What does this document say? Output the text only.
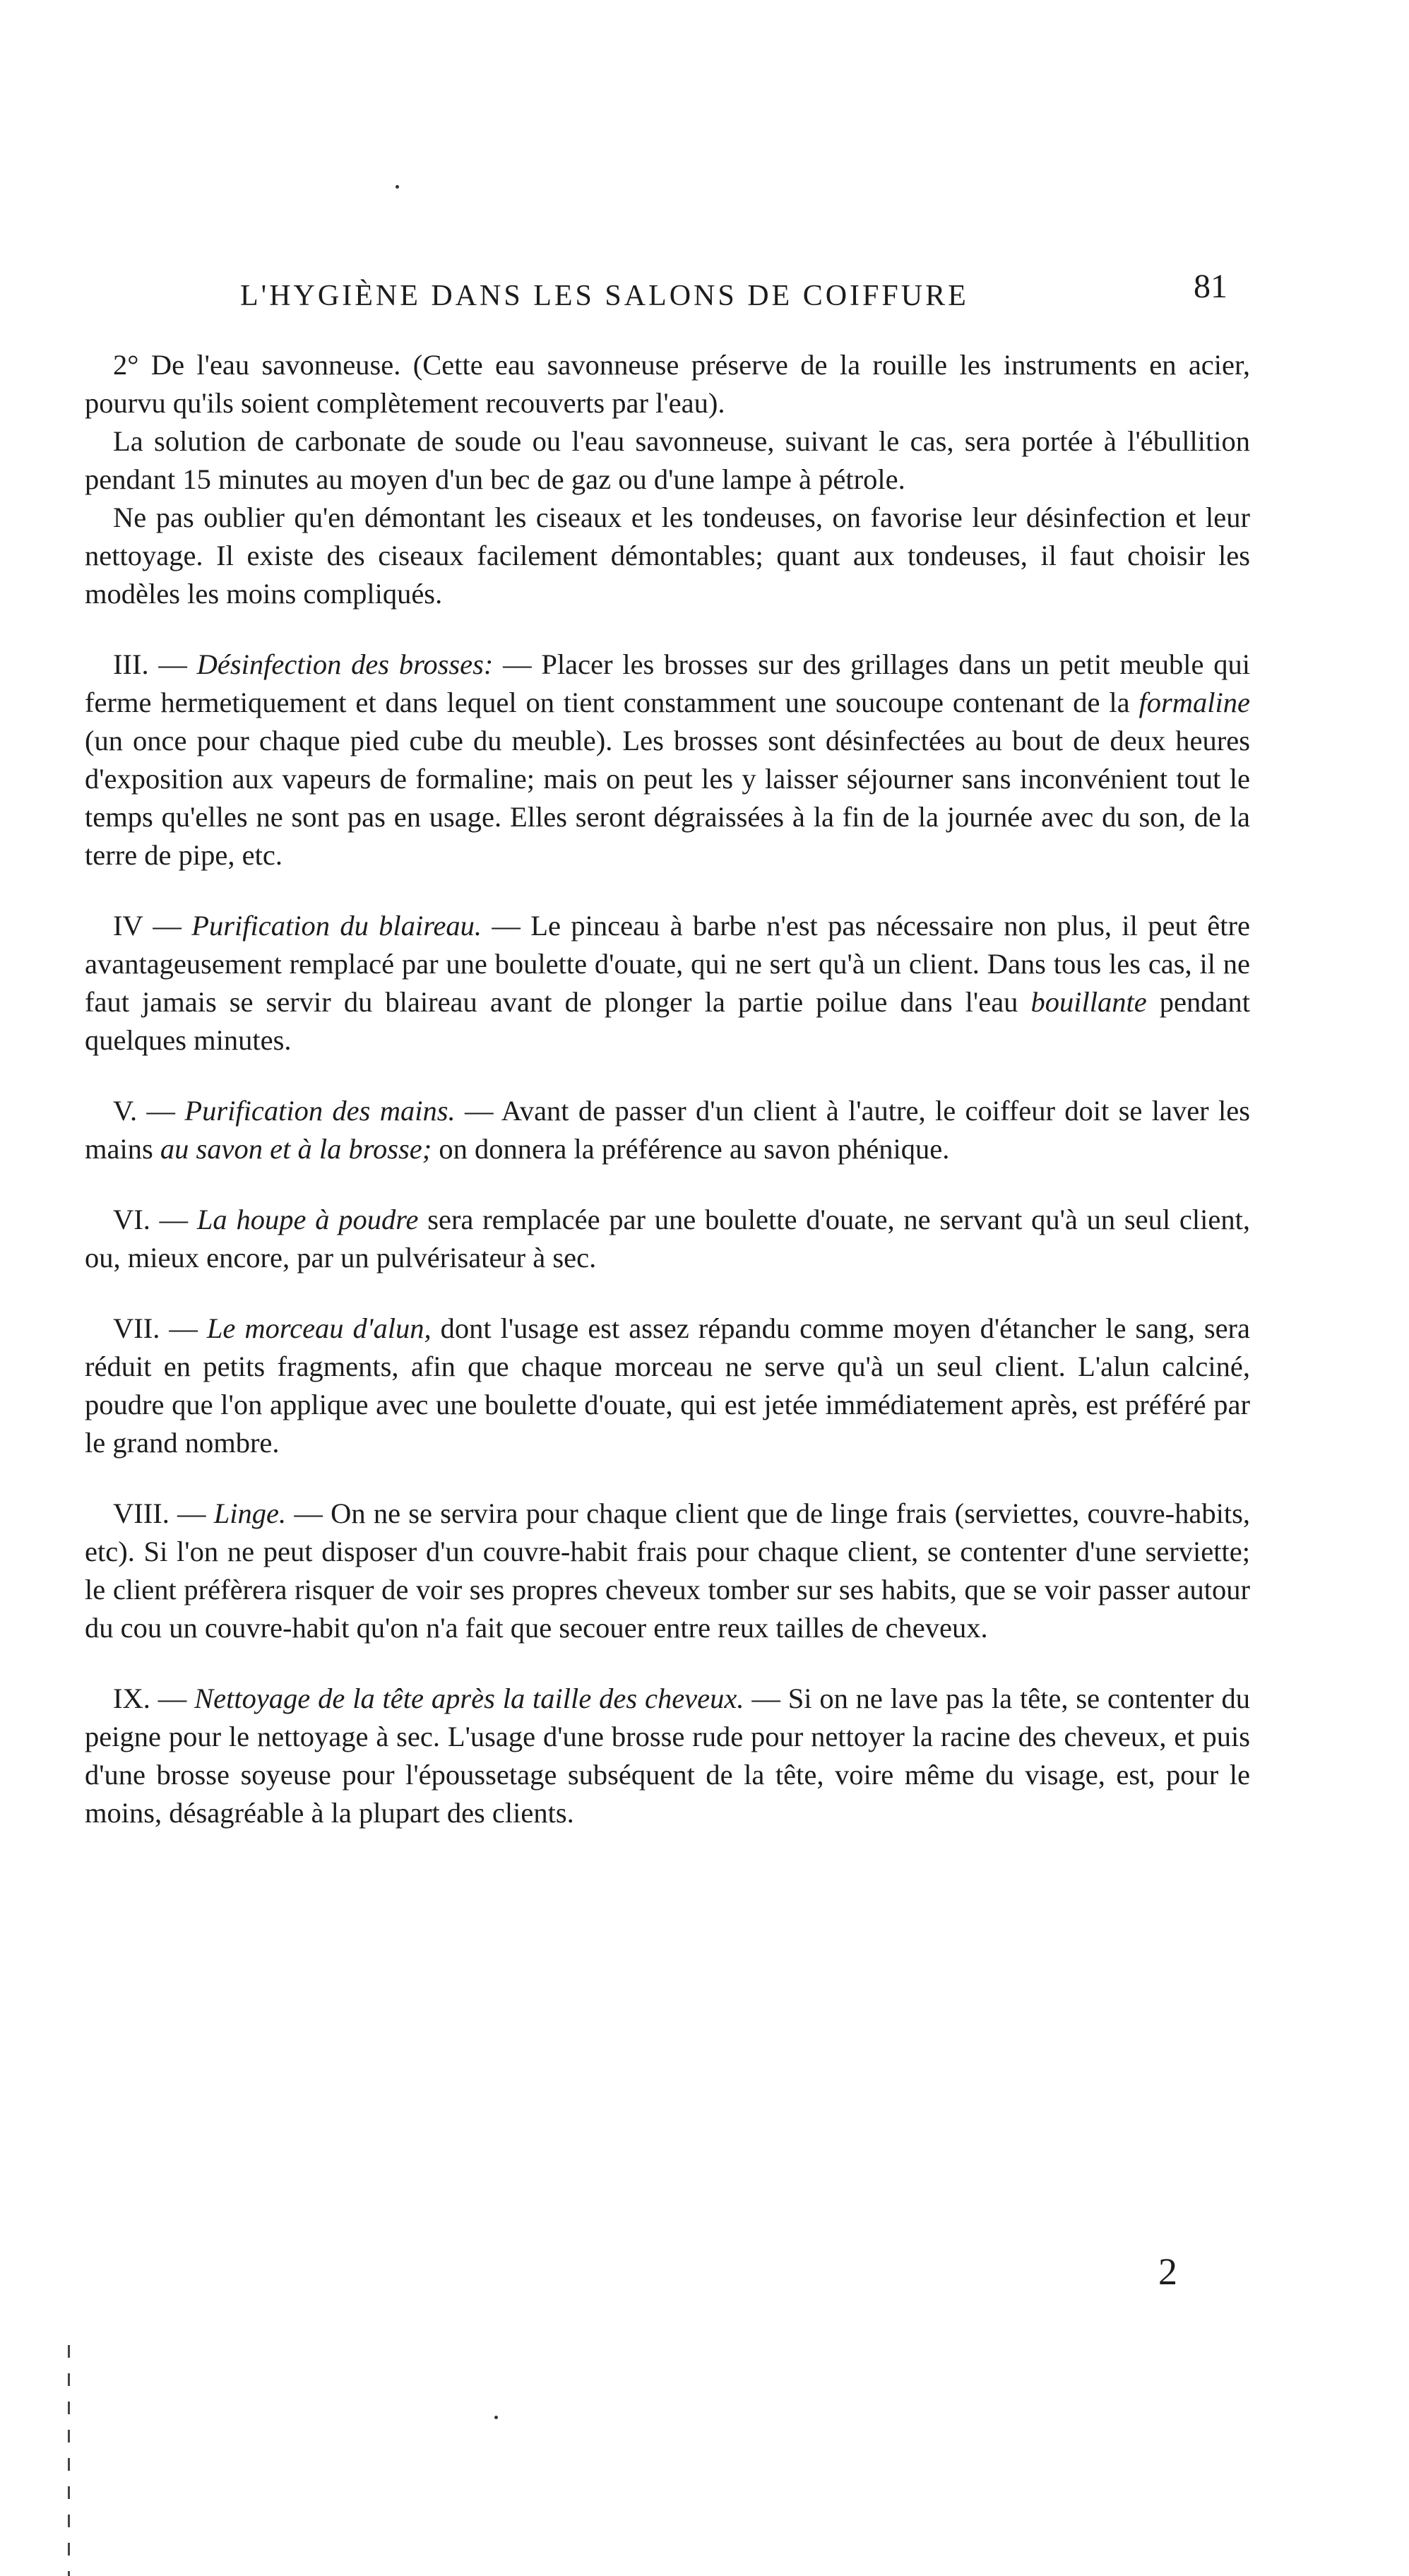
L'HYGIÈNE DANS LES SALONS DE COIFFURE	81

2° De l'eau savonneuse. (Cette eau savonneuse préserve de la rouille les instruments en acier, pourvu qu'ils soient complètement recouverts par l'eau).

La solution de carbonate de soude ou l'eau savonneuse, suivant le cas, sera portée à l'ébullition pendant 15 minutes au moyen d'un bec de gaz ou d'une lampe à pétrole.

Ne pas oublier qu'en démontant les ciseaux et les tondeuses, on favorise leur désinfection et leur nettoyage. Il existe des ciseaux facilement démontables; quant aux tondeuses, il faut choisir les modèles les moins compliqués.

III. — Désinfection des brosses: — Placer les brosses sur des grillages dans un petit meuble qui ferme hermetiquement et dans lequel on tient constamment une soucoupe contenant de la formaline (un once pour chaque pied cube du meuble). Les brosses sont désinfectées au bout de deux heures d'exposition aux vapeurs de formaline; mais on peut les y laisser séjourner sans inconvénient tout le temps qu'elles ne sont pas en usage. Elles seront dégraissées à la fin de la journée avec du son, de la terre de pipe, etc.

IV — Purification du blaireau. — Le pinceau à barbe n'est pas nécessaire non plus, il peut être avantageusement remplacé par une boulette d'ouate, qui ne sert qu'à un client. Dans tous les cas, il ne faut jamais se servir du blaireau avant de plonger la partie poilue dans l'eau bouillante pendant quelques minutes.

V. — Purification des mains. — Avant de passer d'un client à l'autre, le coiffeur doit se laver les mains au savon et à la brosse; on donnera la préférence au savon phénique.

VI. — La houpe à poudre sera remplacée par une boulette d'ouate, ne servant qu'à un seul client, ou, mieux encore, par un pulvérisateur à sec.

VII. — Le morceau d'alun, dont l'usage est assez répandu comme moyen d'étancher le sang, sera réduit en petits fragments, afin que chaque morceau ne serve qu'à un seul client. L'alun calciné, poudre que l'on applique avec une boulette d'ouate, qui est jetée immédiatement après, est préféré par le grand nombre.

VIII. — Linge. — On ne se servira pour chaque client que de linge frais (serviettes, couvre-habits, etc). Si l'on ne peut disposer d'un couvre-habit frais pour chaque client, se contenter d'une serviette; le client préfèrera risquer de voir ses propres cheveux tomber sur ses habits, que se voir passer autour du cou un couvre-habit qu'on n'a fait que secouer entre reux tailles de cheveux.

IX. — Nettoyage de la tête après la taille des cheveux. — Si on ne lave pas la tête, se contenter du peigne pour le nettoyage à sec. L'usage d'une brosse rude pour nettoyer la racine des cheveux, et puis d'une brosse soyeuse pour l'époussetage subséquent de la tête, voire même du visage, est, pour le moins, désagréable à la plupart des clients.

2
